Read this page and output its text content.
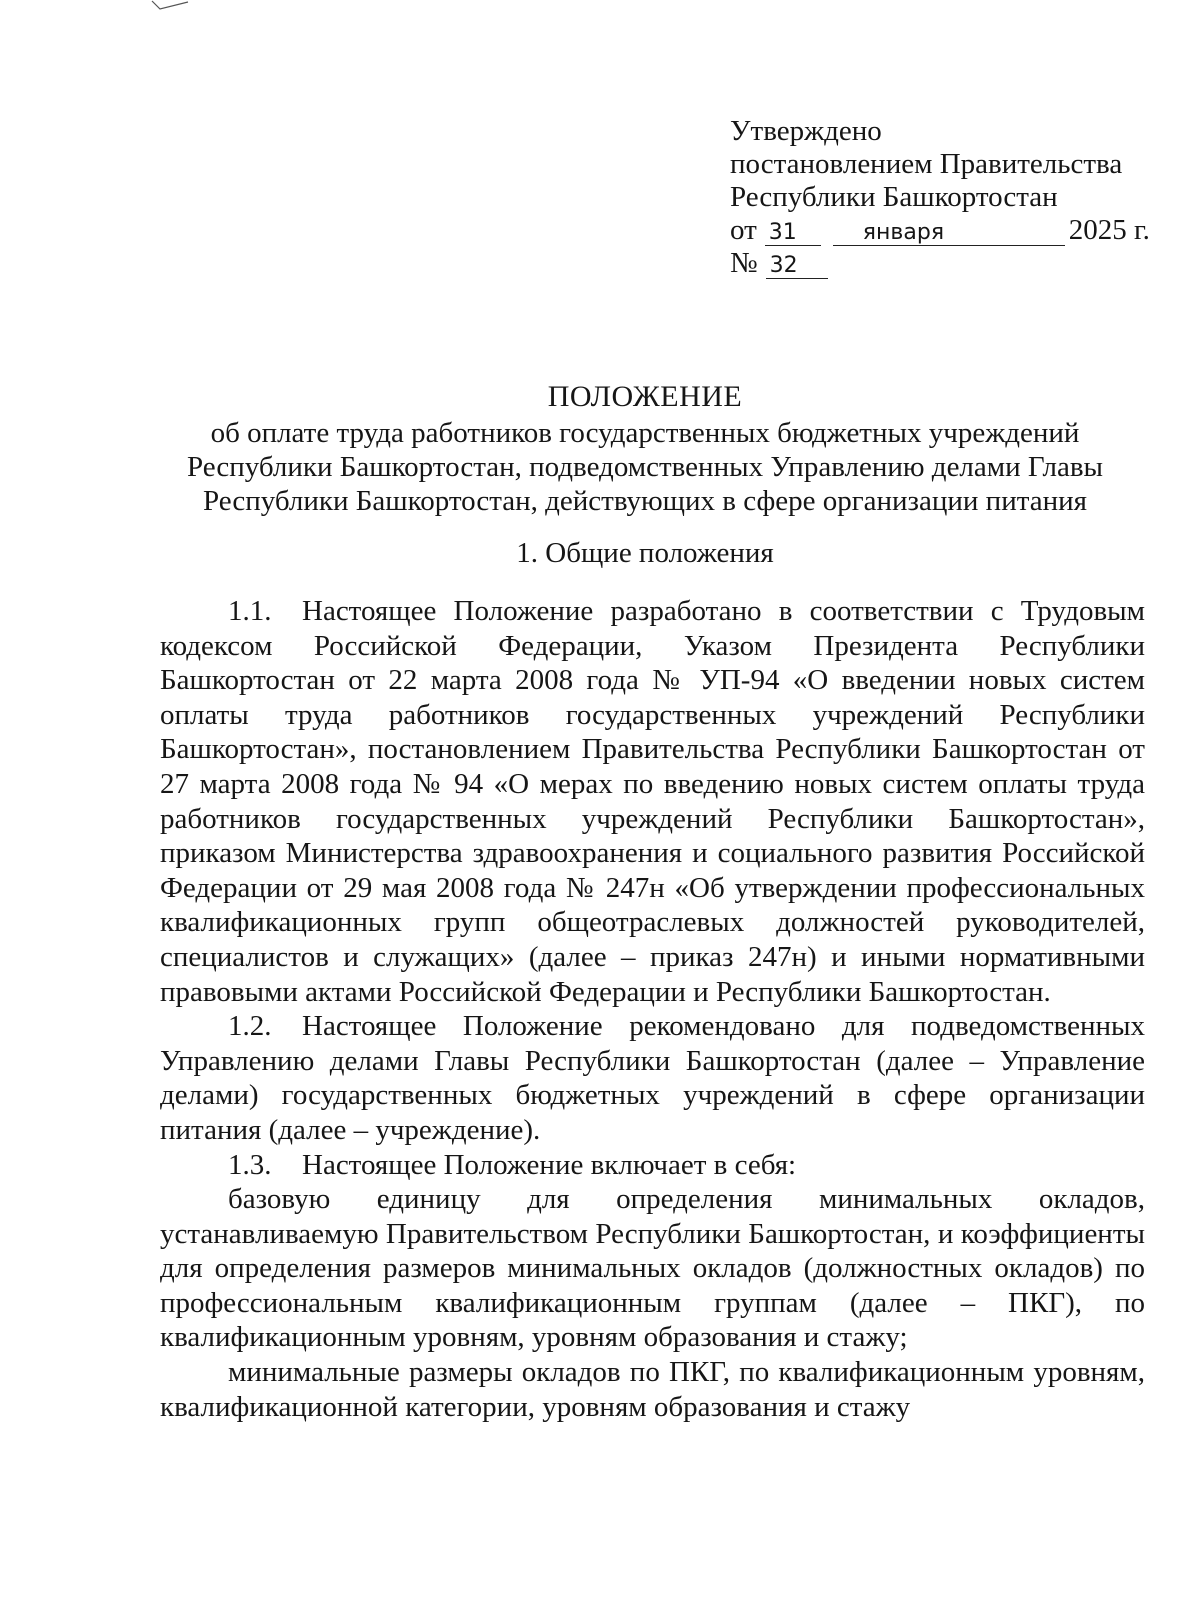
Утверждено
постановлением Правительства
Республики Башкортостан
от 31	января	2025 г.
№ 32
ПОЛОЖЕНИЕ
об оплате труда работников государственных бюджетных учреждений
Республики Башкортостан, подведомственных Управлению делами Главы
Республики Башкортостан, действующих в сфере организации питания
1. Общие положения

1.1. Настоящее Положение разработано в соответствии с Трудовым кодексом Российской Федерации, Указом Президента Республики Башкортостан от 22 марта 2008 года № УП-94 «О введении новых систем оплаты труда работников государственных учреждений Республики Башкортостан», постановлением Правительства Республики Башкортостан от 27 марта 2008 года № 94 «О мерах по введению новых систем оплаты труда работников государственных учреждений Республики Башкортостан», приказом Министерства здравоохранения и социального развития Российской Федерации от 29 мая 2008 года № 247н «Об утверждении профессиональных квалификационных групп общеотраслевых должностей руководителей, специалистов и служащих» (далее – приказ 247н) и иными нормативными правовыми актами Российской Федерации и Республики Башкортостан.

1.2. Настоящее Положение рекомендовано для подведомственных Управлению делами Главы Республики Башкортостан (далее – Управление делами) государственных бюджетных учреждений в сфере организации питания (далее – учреждение).

1.3. Настоящее Положение включает в себя:

базовую единицу для определения минимальных окладов, устанавливаемую Правительством Республики Башкортостан, и коэффициенты для определения размеров минимальных окладов (должностных окладов) по профессиональным квалификационным группам (далее – ПКГ), по квалификационным уровням, уровням образования и стажу;

минимальные размеры окладов по ПКГ, по квалификационным уровням, квалификационной категории, уровням образования и стажу
